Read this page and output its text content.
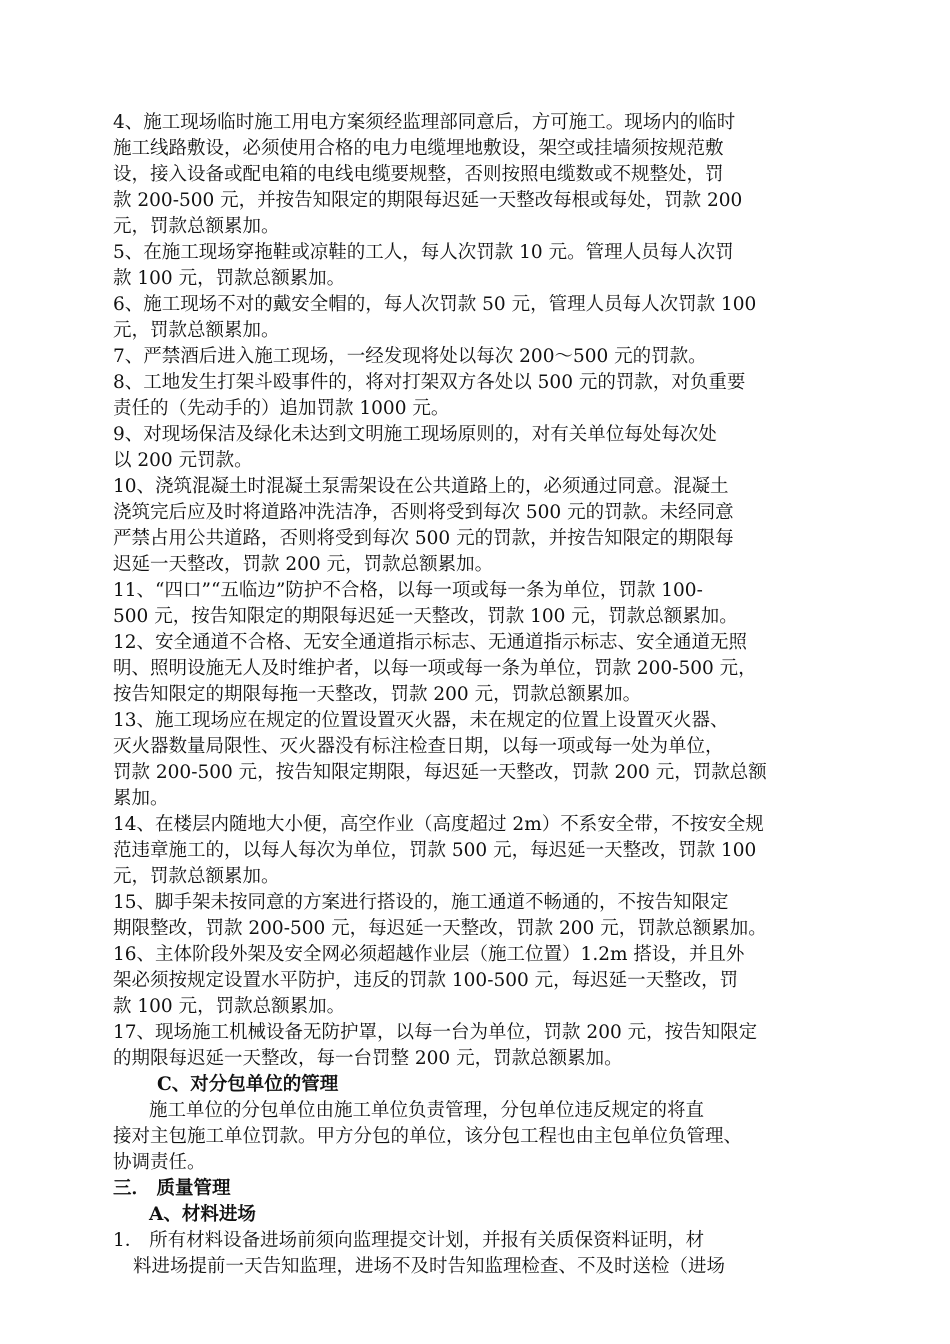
4、施工现场临时施工用电方案须经监理部同意后，方可施工。现场内的临时
施工线路敷设，必须使用合格的电力电缆埋地敷设，架空或挂墙须按规范敷
设，接入设备或配电箱的电线电缆要规整，否则按照电缆数或不规整处，罚
款 200-500 元，并按告知限定的期限每迟延一天整改每根或每处，罚款 200
元，罚款总额累加。
5、在施工现场穿拖鞋或凉鞋的工人，每人次罚款 10 元。管理人员每人次罚
款 100 元，罚款总额累加。
6、施工现场不对的戴安全帽的，每人次罚款 50 元，管理人员每人次罚款 100
元，罚款总额累加。
7、严禁酒后进入施工现场，一经发现将处以每次 200～500 元的罚款。
8、工地发生打架斗殴事件的，将对打架双方各处以 500 元的罚款，对负重要
责任的（先动手的）追加罚款 1000 元。
9、对现场保洁及绿化未达到文明施工现场原则的，对有关单位每处每次处
以 200 元罚款。
10、浇筑混凝土时混凝土泵需架设在公共道路上的，必须通过同意。混凝土
浇筑完后应及时将道路冲洗洁净，否则将受到每次 500 元的罚款。未经同意
严禁占用公共道路，否则将受到每次 500 元的罚款，并按告知限定的期限每
迟延一天整改，罚款 200 元，罚款总额累加。
11、“四口”“五临边”防护不合格，以每一项或每一条为单位，罚款 100-
500 元，按告知限定的期限每迟延一天整改，罚款 100 元，罚款总额累加。
12、安全通道不合格、无安全通道指示标志、无通道指示标志、安全通道无照
明、照明设施无人及时维护者，以每一项或每一条为单位，罚款 200-500 元，
按告知限定的期限每拖一天整改，罚款 200 元，罚款总额累加。
13、施工现场应在规定的位置设置灭火器，未在规定的位置上设置灭火器、
灭火器数量局限性、灭火器没有标注检查日期，以每一项或每一处为单位，
罚款 200-500 元，按告知限定期限，每迟延一天整改，罚款 200 元，罚款总额
累加。
14、在楼层内随地大小便，高空作业（高度超过 2m）不系安全带，不按安全规
范违章施工的，以每人每次为单位，罚款 500 元，每迟延一天整改，罚款 100
元，罚款总额累加。
15、脚手架未按同意的方案进行搭设的，施工通道不畅通的，不按告知限定
期限整改，罚款 200-500 元，每迟延一天整改，罚款 200 元，罚款总额累加。
16、主体阶段外架及安全网必须超越作业层（施工位置）1.2m 搭设，并且外
架必须按规定设置水平防护，违反的罚款 100-500 元，每迟延一天整改，罚
款 100 元，罚款总额累加。
17、现场施工机械设备无防护罩，以每一台为单位，罚款 200 元，按告知限定
的期限每迟延一天整改，每一台罚整 200 元，罚款总额累加。
C、对分包单位的管理
施工单位的分包单位由施工单位负责管理，分包单位违反规定的将直
接对主包施工单位罚款。甲方分包的单位，该分包工程也由主包单位负管理、
协调责任。
三． 质量管理
A、材料进场
1． 所有材料设备进场前须向监理提交计划，并报有关质保资料证明，材
料进场提前一天告知监理，进场不及时告知监理检查、不及时送检（进场
